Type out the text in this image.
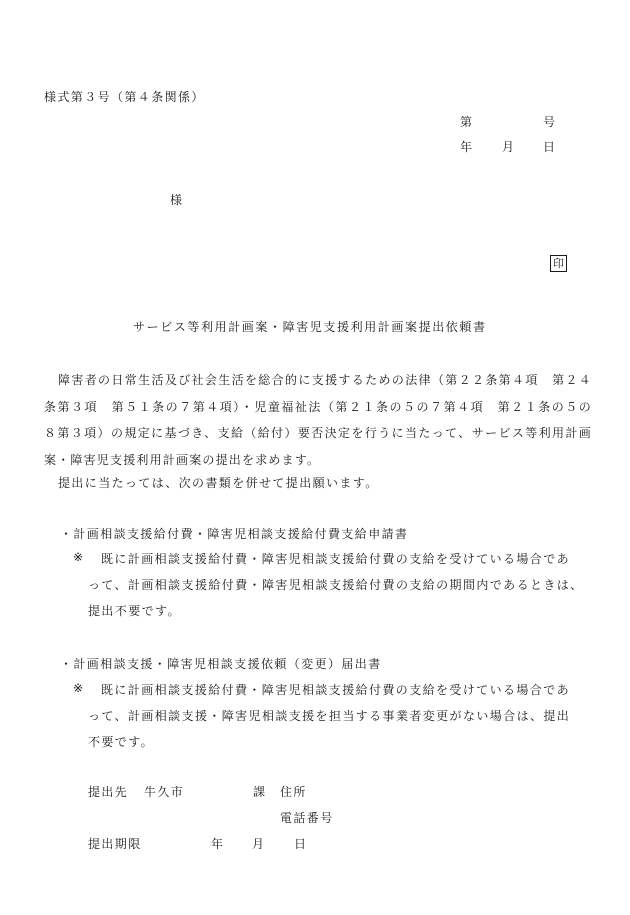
様式第３号（第４条関係）
第	号
年 月 日
様
印
サービス等利用計画案・障害児支援利用計画案提出依頼書
障害者の日常生活及び社会生活を総合的に支援するための法律（第２２条第４項　第２４条第３項　第５１条の７第４項）・児童福祉法（第２１条の５の７第４項　第２１条の５の８第３項）の規定に基づき、支給（給付）要否決定を行うに当たって、サービス等利用計画案・障害児支援利用計画案の提出を求めます。
提出に当たっては、次の書類を併せて提出願います。
・計画相談支援給付費・障害児相談支援給付費支給申請書
※ 既に計画相談支援給付費・障害児相談支援給付費の支給を受けている場合であ
って、計画相談支援給付費・障害児相談支援給付費の支給の期間内であるときは、
提出不要です。
・計画相談支援・障害児相談支援依頼（変更）届出書
※ 既に計画相談支援給付費・障害児相談支援給付費の支給を受けている場合であ
って、計画相談支援・障害児相談支援を担当する事業者変更がない場合は、提出
不要です。
提出先 牛久市	課 住所
電話番号
提出期限	年 月 日
